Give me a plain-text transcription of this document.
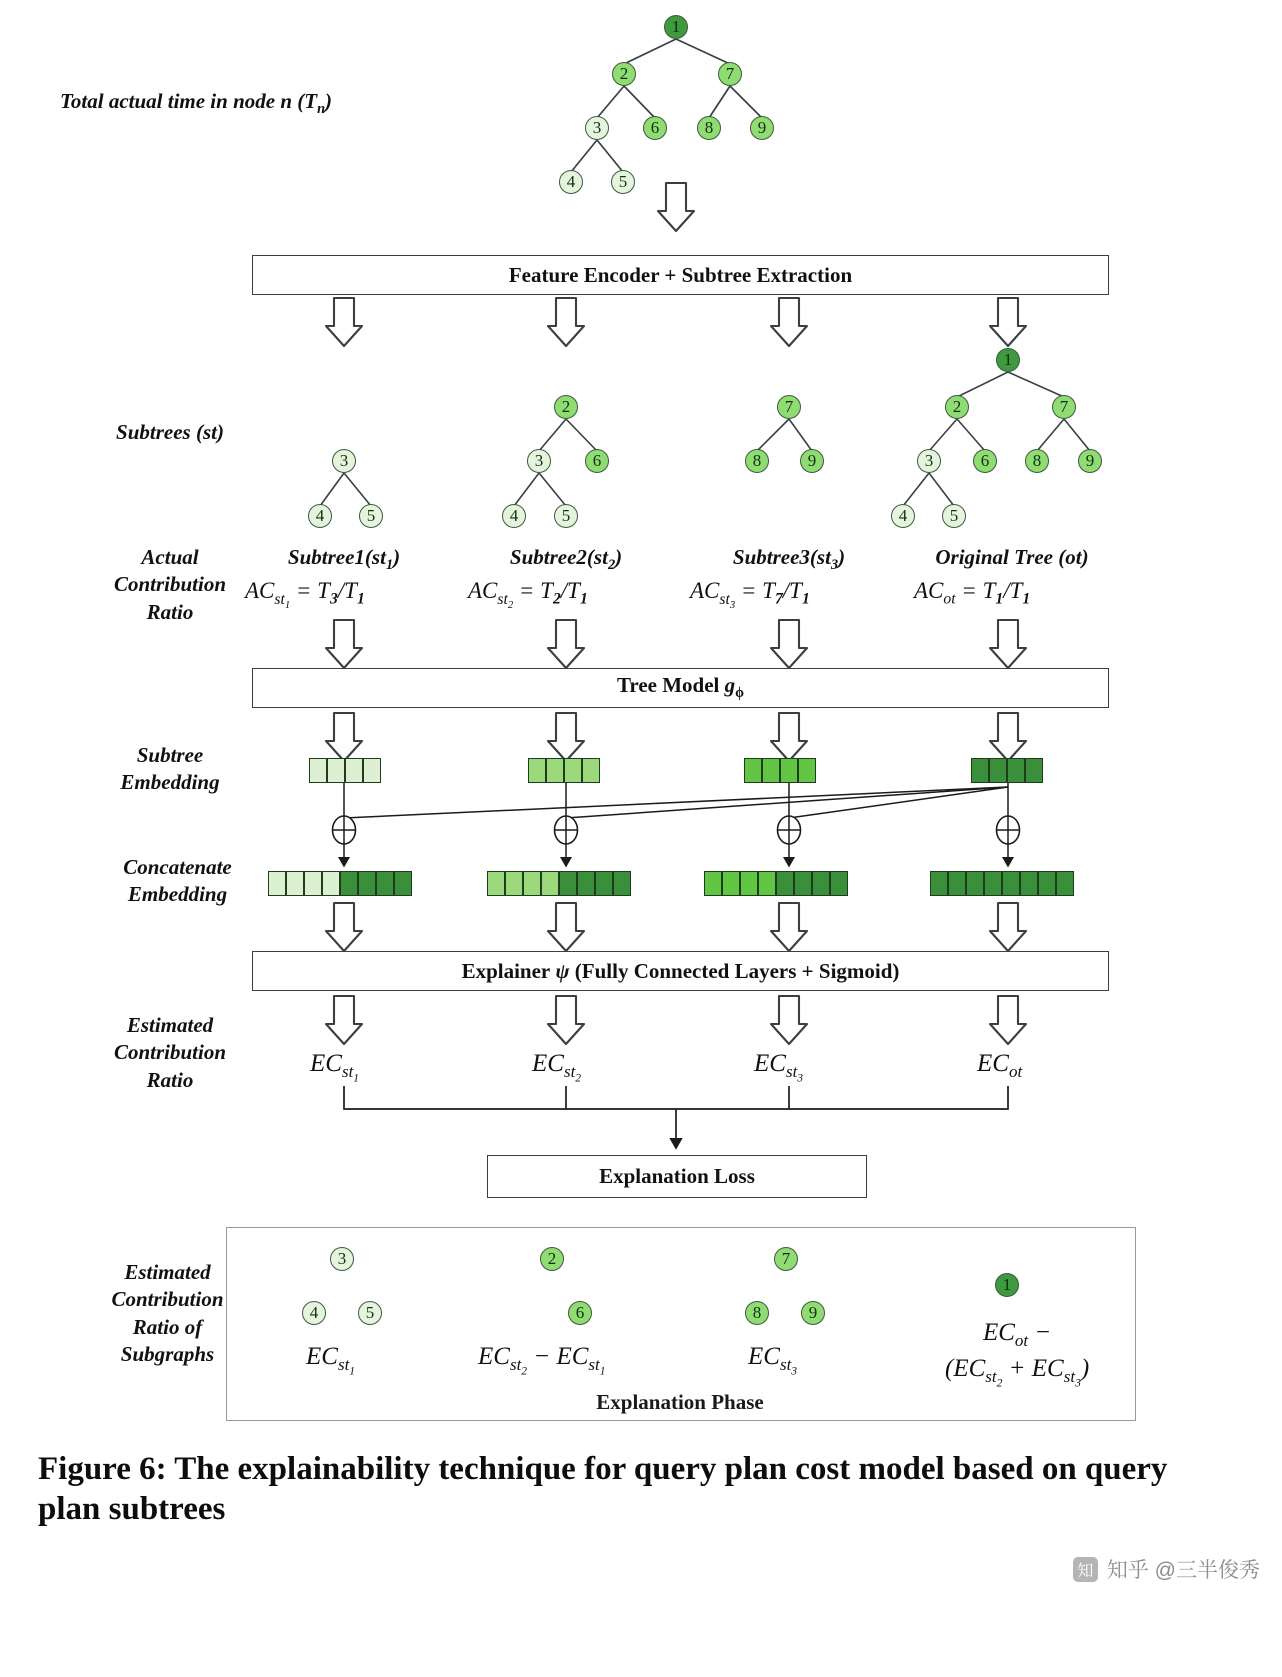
Total actual time in node n $(T_n)$
Subtrees (st)
Actual
Contribution
Ratio
Subtree
Embedding
Concatenate
Embedding
Estimated
Contribution
Ratio
Estimated
Contribution
Ratio of
Subgraphs
Feature Encoder + Subtree Extraction
Tree Model $g_\phi$
Explainer ψ (Fully Connected Layers + Sigmoid)
Explanation Loss
Explanation Phase
$Subtree1(st_1)$	$Subtree2(st_2)$	$Subtree3(st_3)$	Original Tree (ot)
$AC_{st_1} = T_3/T_1$	$AC_{st_2} = T_2/T_1$	$AC_{st_3} = T_7/T_1$	$AC_{ot} = T_1/T_1$
$EC_{st_1}$
$EC_{st_2}$
$EC_{st_3}$
$EC_{ot}$
$EC_{st_1}$
$EC_{st_2} - EC_{st_1}$
$EC_{st_3}$
$EC_{ot}$ −
$(EC_{st_2} + EC_{st_3})$
1
2	7
3	6	8	9
4	5
3
4	5
2
3	6
4	5
7
8	9
1
2	7
3	6	8	9
4	5
3
4	5
2
6
7
8	9
1
Figure 6: The explainability technique for query plan cost model based on query plan subtrees
知 知乎 @三半俊秀
